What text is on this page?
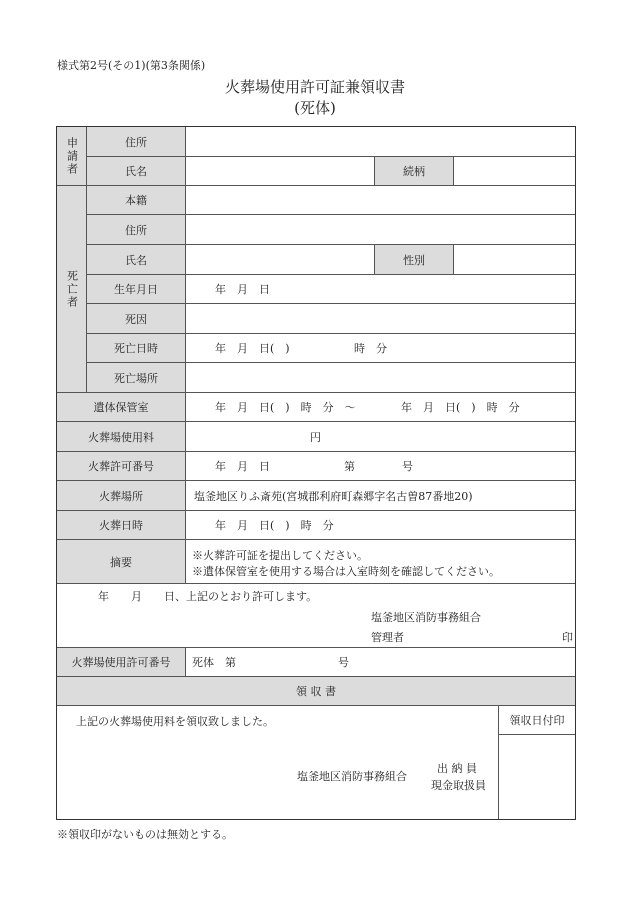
様式第2号(その1)(第3条関係)
火葬場使用許可証兼領収書
(死体)
申請者	住所
氏名	続柄
死亡者
本籍
住所
氏名	性別
生年月日	年　月　日
死因
死亡日時	年　月　日(　)	時　分
死亡場所
遺体保管室	年　月　日(　)　時　分　〜	年　月　日(　)　時　分
火葬場使用料	円
火葬許可番号	年　月　日	第	号
火葬場所	塩釜地区りふ斎苑(宮城郡利府町森郷字名古曽87番地20)
火葬日時	年　月　日(　)　時　分
摘要	※火葬許可証を提出してください。
※遺体保管室を使用する場合は入室時刻を確認してください。
年　　月　　日、上記のとおり許可します。
塩釜地区消防事務組合
管理者	印
火葬場使用許可番号	死体　第	号
領 収 書
上記の火葬場使用料を領収致しました。
塩釜地区消防事務組合
出 納 員
現金取扱員
領収日付印
※領収印がないものは無効とする。
